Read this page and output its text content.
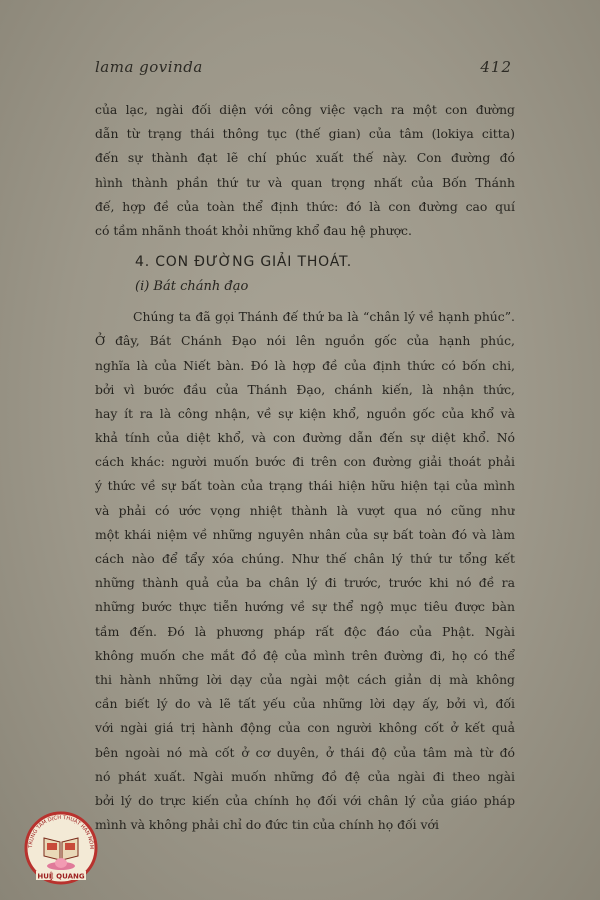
lama govinda	412
của lạc, ngài đối diện với công việc vạch ra một con đường
dẫn từ trạng thái thông tục (thế gian) của tâm (lokiya citta)
đến sự thành đạt lẽ chí phúc xuất thế này. Con đường đó
hình thành phần thứ tư và quan trọng nhất của Bốn Thánh
đế, hợp đề của toàn thể định thức: đó là con đường cao quí
có tầm nhãnh thoát khỏi những khổ đau hệ phược.
4. CON ĐƯỜNG GIẢI THOÁT.
(i) Bát chánh đạo
Chúng ta đã gọi Thánh đế thứ ba là “chân lý về hạnh phúc”.
Ở đây, Bát Chánh Đạo nói lên nguồn gốc của hạnh phúc,
nghĩa là của Niết bàn. Đó là hợp đề của định thức có bốn chi,
bởi vì bước đầu của Thánh Đạo, chánh kiến, là nhận thức,
hay ít ra là công nhận, về sự kiện khổ, nguồn gốc của khổ và
khả tính của diệt khổ, và con đường dẫn đến sự diệt khổ. Nó
cách khác: người muốn bước đi trên con đường giải thoát phải
ý thức về sự bất toàn của trạng thái hiện hữu hiện tại của mình
và phải có ước vọng nhiệt thành là vượt qua nó cũng như
một khái niệm về những nguyên nhân của sự bất toàn đó và làm
cách nào để tẩy xóa chúng. Như thế chân lý thứ tư tổng kết
những thành quả của ba chân lý đi trước, trước khi nó đề ra
những bước thực tiễn hướng về sự thể ngộ mục tiêu được bàn
tầm đến. Đó là phương pháp rất độc đáo của Phật. Ngài
không muốn che mắt đồ đệ của mình trên đường đi, họ có thể
thi hành những lời dạy của ngài một cách giản dị mà không
cần biết lý do và lẽ tất yếu của những lời dạy ấy, bởi vì, đối
với ngài giá trị hành động của con người không cốt ở kết quả
bên ngoài nó mà cốt ở cơ duyên, ở thái độ của tâm mà từ đó
nó phát xuất. Ngài muốn những đồ đệ của ngài đi theo ngài
bởi lý do trực kiến của chính họ đối với chân lý của giáo pháp
mình và không phải chỉ do đức tin của chính họ đối với
TRUNG TÂM DỊCH THUẬT HÁN NÔM
HUỆ QUANG
